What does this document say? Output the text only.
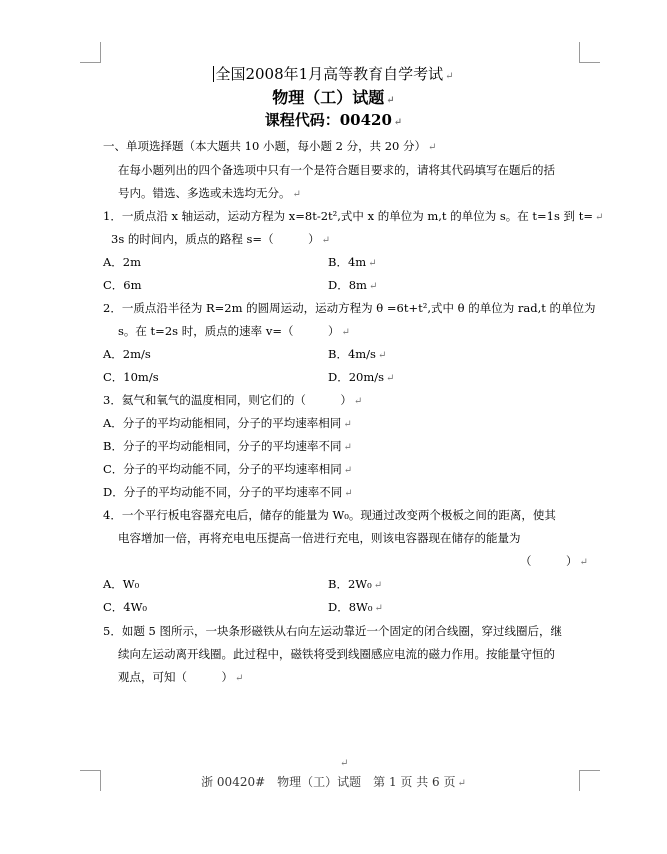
全国2008年1月高等教育自学考试 ↵
物理（工）试题 ↵
课程代码：00420 ↵
一、单项选择题（本大题共 10 小题，每小题 2 分，共 20 分） ↵
在每小题列出的四个备选项中只有一个是符合题目要求的，请将其代码填写在题后的括
号内。错选、多选或未选均无分。 ↵
1．一质点沿 x 轴运动，运动方程为 x=8t-2t²,式中 x 的单位为 m,t 的单位为 s。在 t=1s 到 t= ↵
3s 的时间内，质点的路程 s=（　　　） ↵
A．2m	B．4m ↵
C．6m	D．8m ↵
2．一质点沿半径为 R=2m 的圆周运动，运动方程为 θ =6t+t²,式中 θ 的单位为 rad,t 的单位为
s。在 t=2s 时，质点的速率 v=（　　　） ↵
A．2m/s	B．4m/s ↵
C．10m/s	D．20m/s ↵
3．氦气和氧气的温度相同，则它们的（　　　） ↵
A．分子的平均动能相同，分子的平均速率相同 ↵
B．分子的平均动能相同，分子的平均速率不同 ↵
C．分子的平均动能不同，分子的平均速率相同 ↵
D．分子的平均动能不同，分子的平均速率不同 ↵
4．一个平行板电容器充电后，储存的能量为 W₀。现通过改变两个极板之间的距离，使其
电容增加一倍，再将充电电压提高一倍进行充电，则该电容器现在储存的能量为
（　　　） ↵
A．W₀	B．2W₀ ↵
C．4W₀	D．8W₀ ↵
5．如题 5 图所示，一块条形磁铁从右向左运动靠近一个固定的闭合线圈，穿过线圈后，继
续向左运动离开线圈。此过程中，磁铁将受到线圈感应电流的磁力作用。按能量守恒的
观点，可知（　　　） ↵
↵
浙 00420#　物理（工）试题　第 1 页 共 6 页 ↵
